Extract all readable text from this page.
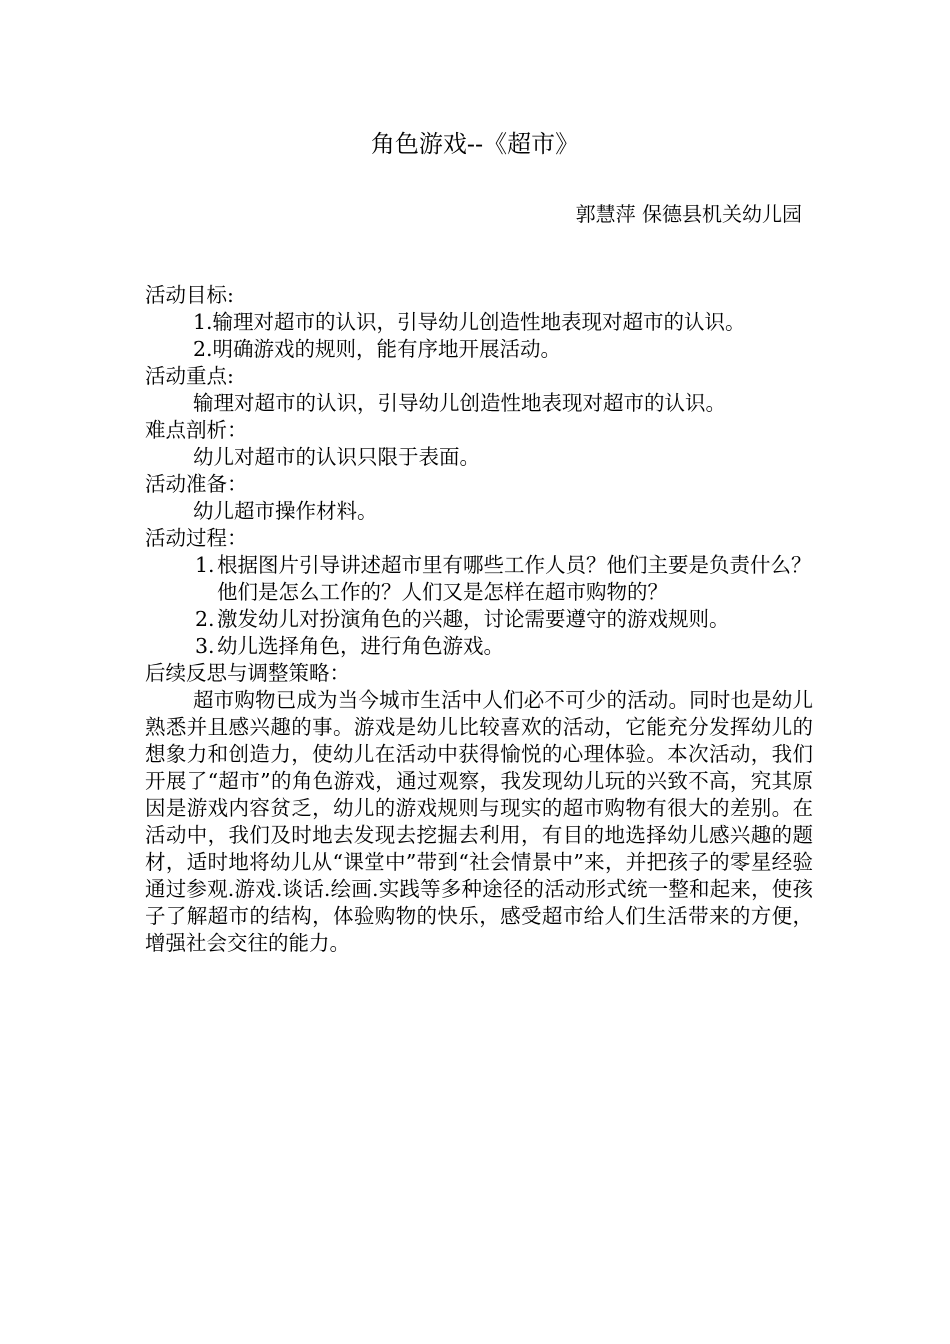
角色游戏--《超市》
郭慧萍 保德县机关幼儿园
活动目标:
1.输理对超市的认识，引导幼儿创造性地表现对超市的认识。
2.明确游戏的规则，能有序地开展活动。
活动重点:
输理对超市的认识，引导幼儿创造性地表现对超市的认识。
难点剖析：
幼儿对超市的认识只限于表面。
活动准备：
幼儿超市操作材料。
活动过程：
1. 根据图片引导讲述超市里有哪些工作人员？他们主要是负责什么？他们是怎么工作的？人们又是怎样在超市购物的？
2. 激发幼儿对扮演角色的兴趣，讨论需要遵守的游戏规则。
3. 幼儿选择角色，进行角色游戏。
后续反思与调整策略：
超市购物已成为当今城市生活中人们必不可少的活动。同时也是幼儿熟悉并且感兴趣的事。游戏是幼儿比较喜欢的活动，它能充分发挥幼儿的想象力和创造力，使幼儿在活动中获得愉悦的心理体验。本次活动，我们开展了“超市”的角色游戏，通过观察，我发现幼儿玩的兴致不高，究其原因是游戏内容贫乏，幼儿的游戏规则与现实的超市购物有很大的差别。在活动中，我们及时地去发现去挖掘去利用，有目的地选择幼儿感兴趣的题材，适时地将幼儿从“课堂中”带到“社会情景中”来，并把孩子的零星经验通过参观.游戏.谈话.绘画.实践等多种途径的活动形式统一整和起来，使孩子了解超市的结构，体验购物的快乐，感受超市给人们生活带来的方便，增强社会交往的能力。
